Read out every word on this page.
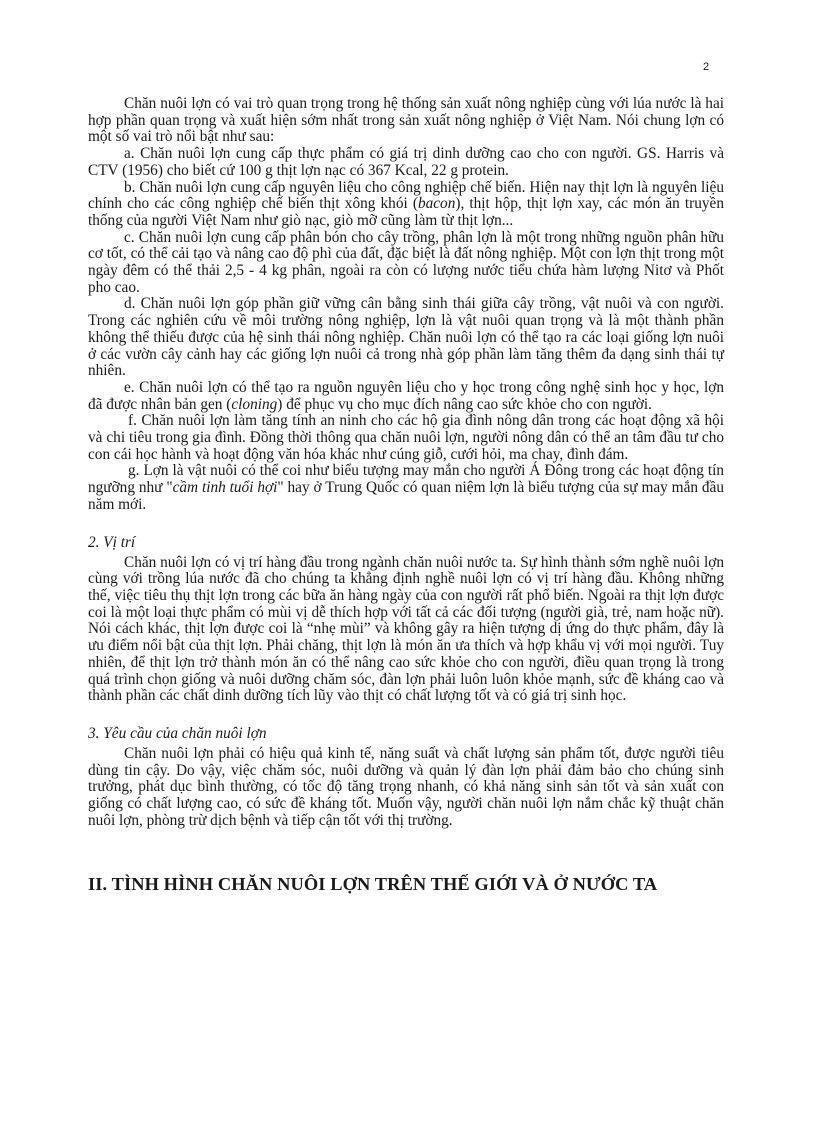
2

Chăn nuôi lợn có vai trò quan trọng trong hệ thống sản xuất nông nghiệp cùng với lúa nước là hai hợp phần quan trọng và xuất hiện sớm nhất trong sản xuất nông nghiệp ở Việt Nam. Nói chung lợn có một số vai trò nổi bật như sau:

a. Chăn nuôi lợn cung cấp thực phẩm có giá trị dinh dưỡng cao cho con người. GS. Harris và CTV (1956) cho biết cứ 100 g thịt lợn nạc có 367 Kcal, 22 g protein.

b. Chăn nuôi lợn cung cấp nguyên liệu cho công nghiệp chế biến. Hiện nay thịt lợn là nguyên liệu chính cho các công nghiệp chế biến thịt xông khói (bacon), thịt hộp, thịt lợn xay, các món ăn truyền thống của người Việt Nam như giò nạc, giò mỡ cũng làm từ thịt lợn...

c. Chăn nuôi lợn cung cấp phân bón cho cây trồng, phân lợn là một trong những nguồn phân hữu cơ tốt, có thể cải tạo và nâng cao độ phì của đất, đặc biệt là đất nông nghiệp. Một con lợn thịt trong một ngày đêm có thể thải 2,5 - 4 kg phân, ngoài ra còn có lượng nước tiểu chứa hàm lượng Nitơ và Phốt pho cao.

d. Chăn nuôi lợn góp phần giữ vững cân bằng sinh thái giữa cây trồng, vật nuôi và con người. Trong các nghiên cứu về môi trường nông nghiệp, lợn là vật nuôi quan trọng và là một thành phần không thể thiếu được của hệ sinh thái nông nghiệp. Chăn nuôi lợn có thể tạo ra các loại giống lợn nuôi ở các vườn cây cảnh hay các giống lợn nuôi cả trong nhà góp phần làm tăng thêm đa dạng sinh thái tự nhiên.

e. Chăn nuôi lợn có thể tạo ra nguồn nguyên liệu cho y học trong công nghệ sinh học y học, lợn đã được nhân bản gen (cloning) để phục vụ cho mục đích nâng cao sức khỏe cho con người.

f. Chăn nuôi lợn làm tăng tính an ninh cho các hộ gia đình nông dân trong các hoạt động xã hội và chi tiêu trong gia đình. Đồng thời thông qua chăn nuôi lợn, người nông dân có thể an tâm đầu tư cho con cái học hành và hoạt động văn hóa khác như cúng giỗ, cưới hỏi, ma chay, đình đám.

g. Lợn là vật nuôi có thể coi như biểu tượng may mắn cho người Á Đông trong các hoạt động tín ngưỡng như "cầm tinh tuổi hợi" hay ở Trung Quốc có quan niệm lợn là biểu tượng của sự may mắn đầu năm mới.

2. Vị trí

Chăn nuôi lợn có vị trí hàng đầu trong ngành chăn nuôi nước ta. Sự hình thành sớm nghề nuôi lợn cùng với trồng lúa nước đã cho chúng ta khẳng định nghề nuôi lợn có vị trí hàng đầu. Không những thế, việc tiêu thụ thịt lợn trong các bữa ăn hàng ngày của con người rất phổ biến. Ngoài ra thịt lợn được coi là một loại thực phẩm có mùi vị dễ thích hợp với tất cả các đối tượng (người già, trẻ, nam hoặc nữ). Nói cách khác, thịt lợn được coi là “nhẹ mùi” và không gây ra hiện tượng dị ứng do thực phẩm, đây là ưu điểm nổi bật của thịt lợn. Phải chăng, thịt lợn là món ăn ưa thích và hợp khẩu vị với mọi người. Tuy nhiên, để thịt lợn trở thành món ăn có thể nâng cao sức khỏe cho con người, điều quan trọng là trong quá trình chọn giống và nuôi dưỡng chăm sóc, đàn lợn phải luôn luôn khỏe mạnh, sức đề kháng cao và thành phần các chất dinh dưỡng tích lũy vào thịt có chất lượng tốt và có giá trị sinh học.

3. Yêu cầu của chăn nuôi lợn

Chăn nuôi lợn phải có hiệu quả kinh tế, năng suất và chất lượng sản phẩm tốt, được người tiêu dùng tin cậy. Do vậy, việc chăm sóc, nuôi dưỡng và quản lý đàn lợn phải đảm bảo cho chúng sinh trưởng, phát dục bình thường, có tốc độ tăng trọng nhanh, có khả năng sinh sản tốt và sản xuất con giống có chất lượng cao, có sức đề kháng tốt. Muốn vậy, người chăn nuôi lợn nắm chắc kỹ thuật chăn nuôi lợn, phòng trừ dịch bệnh và tiếp cận tốt với thị trường.

II. TÌNH HÌNH CHĂN NUÔI LỢN TRÊN THẾ GIỚI VÀ Ở NƯỚC TA
